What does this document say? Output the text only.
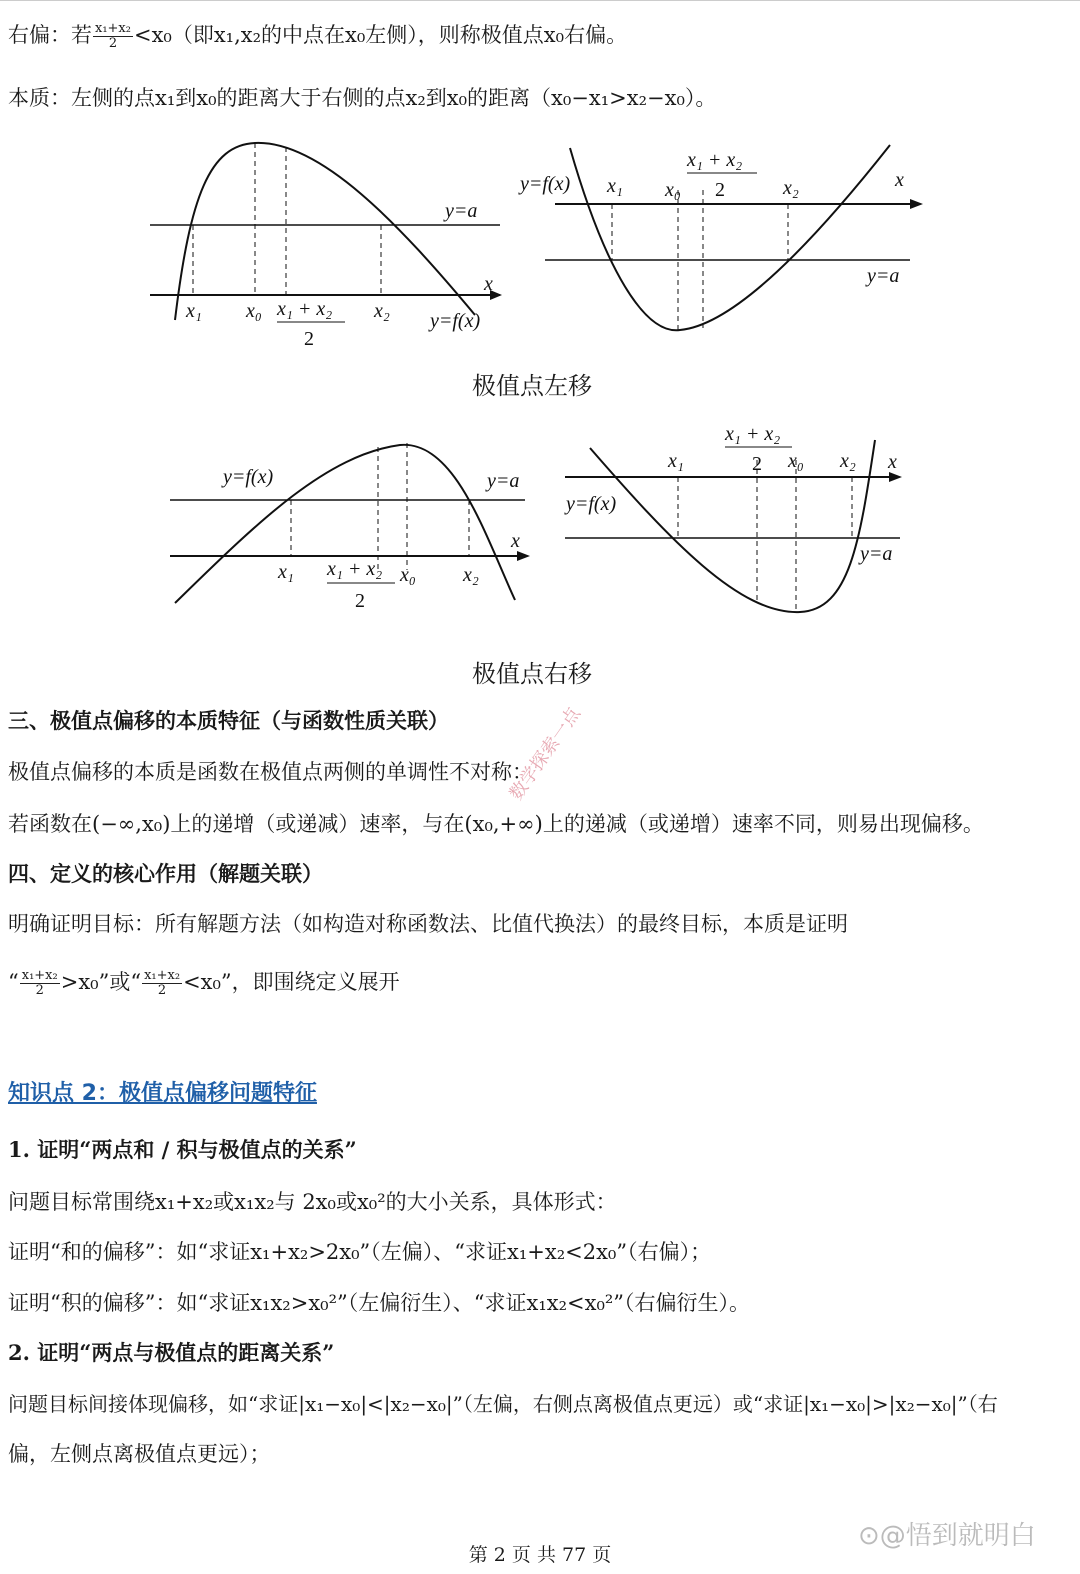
右偏：若 $\frac{\text{x₁+x₂}}{2} <x_0$（即x₁,x₂的中点在x₀左侧），则称极值点x₀右偏。
本质：左侧的点x₁到x₀的距离大于右侧的点x₂到x₀的距离（x₀−x₁>x₂−x₀）。
x₁ x₀ x₁ + x₂
2
x₂
y=a
x
y=f(x)
y=f(x) x₁ x₀
x₁ + x₂
2	x₂	x
y=a
极值点左移
y=f(x)	y=a
x
x₁ x₁ + x₂
2
x₀ x₂
x₁ + x₂
2
x₁	x₀ x₂ x
y=f(x)
y=a
极值点右移
三、极值点偏移的本质特征（与函数性质关联）
极值点偏移的本质是函数在极值点两侧的单调性不对称：
若函数在(−∞,x₀)上的递增（或递减）速率，与在(x₀,+∞)上的递减（或递增）速率不同，则易出现偏移。
数学探索一点
四、定义的核心作用（解题关联）
明确证明目标：所有解题方法（如构造对称函数法、比值代换法）的最终目标，本质是证明
“ $\frac{\text{x₁+x₂}}{2} >x_0$”或“ $\frac{\text{x₁+x₂}}{2} <x_0$”，即围绕定义展开
知识点 2：极值点偏移问题特征
1. 证明“两点和 / 积与极值点的关系”
问题目标常围绕x₁+x₂或x₁x₂与 2x₀或x₀²的大小关系，具体形式：
证明“和的偏移”：如“求证x₁+x₂>2x₀”（左偏）、“求证x₁+x₂<2x₀”（右偏）；
证明“积的偏移”：如“求证x₁x₂>x₀²”（左偏衍生）、“求证x₁x₂<x₀²”（右偏衍生）。
2. 证明“两点与极值点的距离关系”
问题目标间接体现偏移，如“求证|x₁−x₀|<|x₂−x₀|”（左偏，右侧点离极值点更远）或“求证|x₁−x₀|>|x₂−x₀|”（右
偏，左侧点离极值点更远）；
⊙@悟到就明白
第 2 页 共 77 页
